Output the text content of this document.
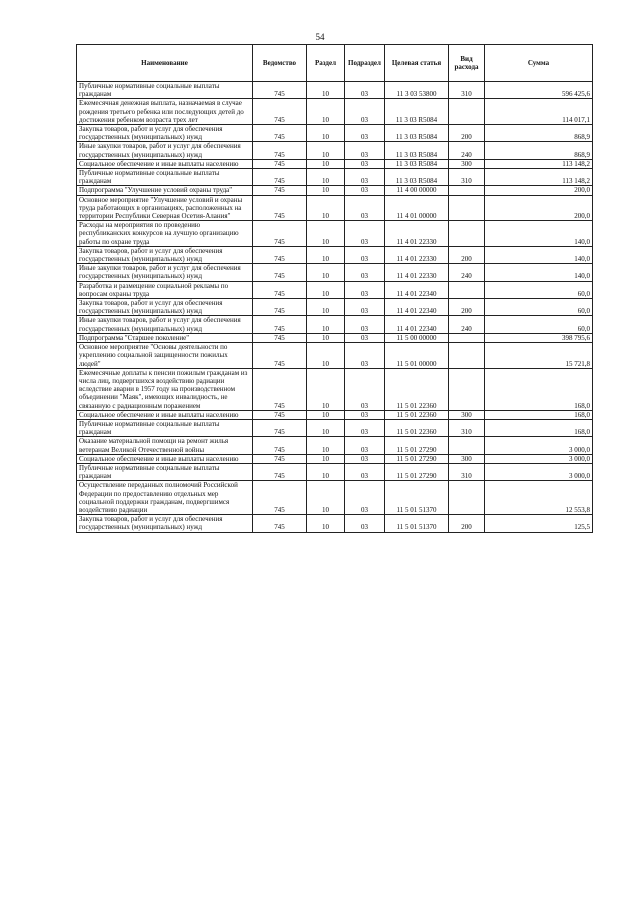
54
Наименование	Ведомство	Раздел	Подраздел	Целевая статья	Вид расхода	Сумма
Публичные нормативные социальные выплаты гражданам	745	10	03	11 3 03 53800	310	596 425,6
Ежемесячная денежная выплата, назначаемая в случае рождения третьего ребенка или последующих детей до достижения ребенком возраста трех лет	745	10	03	11 3 03 R5084		114 017,1
Закупка товаров, работ и услуг для обеспечения государственных (муниципальных) нужд	745	10	03	11 3 03 R5084	200	868,9
Иные закупки товаров, работ и услуг для обеспечения государственных (муниципальных) нужд	745	10	03	11 3 03 R5084	240	868,9
Социальное обеспечение и иные выплаты населению	745	10	03	11 3 03 R5084	300	113 148,2
Публичные нормативные социальные выплаты гражданам	745	10	03	11 3 03 R5084	310	113 148,2
Подпрограмма "Улучшение условий охраны труда"	745	10	03	11 4 00 00000		200,0
Основное мероприятие "Улучшение условий и охраны труда работающих в организациях, расположенных на территории Республики Северная Осетия-Алания"	745	10	03	11 4 01 00000		200,0
Расходы на мероприятия по проведению республиканских конкурсов на лучшую организацию работы по охране труда	745	10	03	11 4 01 22330		140,0
Закупка товаров, работ и услуг для обеспечения государственных (муниципальных) нужд	745	10	03	11 4 01 22330	200	140,0
Иные закупки товаров, работ и услуг для обеспечения государственных (муниципальных) нужд	745	10	03	11 4 01 22330	240	140,0
Разработка и размещение социальной рекламы по вопросам охраны труда	745	10	03	11 4 01 22340		60,0
Закупка товаров, работ и услуг для обеспечения государственных (муниципальных) нужд	745	10	03	11 4 01 22340	200	60,0
Иные закупки товаров, работ и услуг для обеспечения государственных (муниципальных) нужд	745	10	03	11 4 01 22340	240	60,0
Подпрограмма "Старшее поколение"	745	10	03	11 5 00 00000		398 795,6
Основное мероприятие "Основы деятельности по укреплению социальной защищенности пожилых людей"	745	10	03	11 5 01 00000		15 721,8
Ежемесячные доплаты к пенсии пожилым гражданам из числа лиц, подвергшихся воздействию радиации вследствие аварии в 1957 году на производственном объединении "Маяк", имеющих инвалидность, не связанную с радиационным поражением	745	10	03	11 5 01 22360		168,0
Социальное обеспечение и иные выплаты населению	745	10	03	11 5 01 22360	300	168,0
Публичные нормативные социальные выплаты гражданам	745	10	03	11 5 01 22360	310	168,0
Оказание материальной помощи на ремонт жилья ветеранам Великой Отечественной войны	745	10	03	11 5 01 27290		3 000,0
Социальное обеспечение и иные выплаты населению	745	10	03	11 5 01 27290	300	3 000,0
Публичные нормативные социальные выплаты гражданам	745	10	03	11 5 01 27290	310	3 000,0
Осуществление переданных полномочий Российской Федерации по предоставлению отдельных мер социальной поддержки гражданам, подвергшимся воздействию радиации	745	10	03	11 5 01 51370		12 553,8
Закупка товаров, работ и услуг для обеспечения государственных (муниципальных) нужд	745	10	03	11 5 01 51370	200	125,5
